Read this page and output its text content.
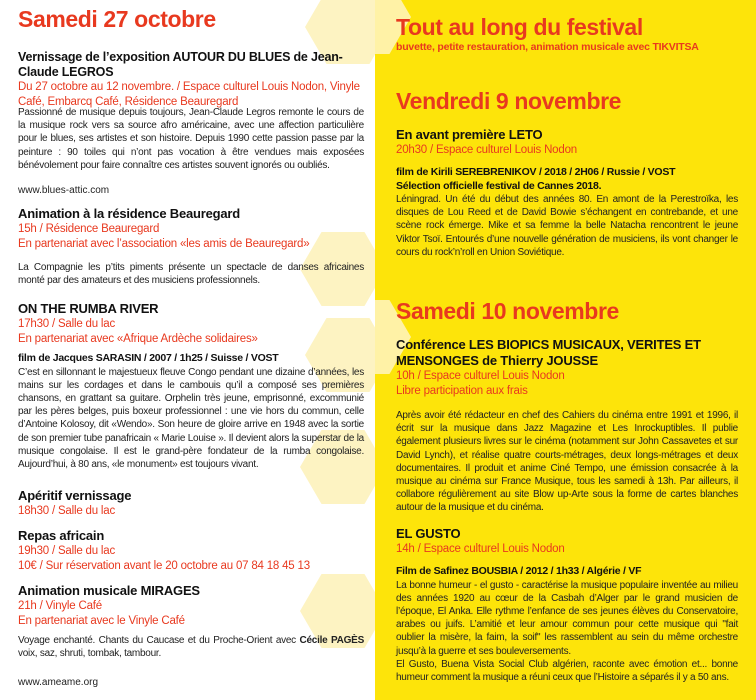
Samedi 27 octobre
Vernissage de l’exposition AUTOUR DU BLUES de Jean-Claude LEGROS
Du 27 octobre au 12 novembre. / Espace culturel Louis Nodon, Vinyle Café, Embarcq Café, Résidence Beauregard

Passionné de musique depuis toujours, Jean-Claude Legros remonte le cours de la musique rock vers sa source afro américaine, avec une affection particulière pour le blues, ses artistes et son histoire. Depuis 1990 cette passion passe par la peinture : 90 toiles qui n’ont pas vocation à être vendues mais exposées bénévolement pour faire connaître ces artistes souvent ignorés ou oubliés.

www.blues-attic.com
Animation à la résidence Beauregard
15h / Résidence Beauregard
En partenariat avec l’association «les amis de Beauregard»

La Compagnie les p’tits piments présente un spectacle de danses africaines monté par des amateurs et des musiciens professionnels.

ON THE RUMBA RIVER
17h30 / Salle du lac
En partenariat avec «Afrique Ardèche solidaires»
film de Jacques SARASIN / 2007 / 1h25 / Suisse / VOST

C’est en sillonnant le majestueux fleuve Congo pendant une dizaine d’années, les mains sur les cordages et dans le cambouis qu’il a composé ses premières chansons, en grattant sa guitare. Orphelin très jeune, emprisonné, excommunié par les pères belges, puis boxeur professionnel : une vie hors du commun, celle d’Antoine Kolosoy, dit «Wendo». Son heure de gloire arrive en 1948 avec la sortie de son premier tube panafricain « Marie Louise ». Il devient alors la superstar de la musique congolaise. Il est le grand-père fondateur de la rumba congolaise. Aujourd’hui, à 80 ans, «le monument» est toujours vivant.

Apéritif vernissage
18h30 / Salle du lac
Repas africain
19h30 / Salle du lac
10€ / Sur réservation avant le 20 octobre au 07 84 18 45 13
Animation musicale MIRAGES
21h / Vinyle Café
En partenariat avec le Vinyle Café

Voyage enchanté. Chants du Caucase et du Proche-Orient avec Cécile PAGÈS voix, saz, shruti, tombak, tambour.

www.ameame.org
Tout au long du festival
buvette, petite restauration, animation musicale avec TIKVITSA
Vendredi 9 novembre
En avant première LETO
20h30 / Espace culturel Louis Nodon
film de Kirili SEREBRENIKOV / 2018 / 2H06 / Russie / VOST
Sélection officielle festival de Cannes 2018.

Léningrad. Un été du début des années 80. En amont de la Perestroïka, les disques de Lou Reed et de David Bowie s’échangent en contrebande, et une scène rock émerge. Mike et sa femme la belle Natacha rencontrent le jeune Viktor Tsoï. Entourés d’une nouvelle génération de musiciens, ils vont changer le cours du rock’n’roll en Union Soviétique.

Samedi 10 novembre
Conférence LES BIOPICS MUSICAUX, VERITES ET MENSONGES de Thierry JOUSSE
10h / Espace culturel Louis Nodon
Libre participation aux frais

Après avoir été rédacteur en chef des Cahiers du cinéma entre 1991 et 1996, il écrit sur la musique dans Jazz Magazine et Les Inrockuptibles. Il publie également plusieurs livres sur le cinéma (notamment sur John Cassavetes et sur David Lynch), et réalise quatre courts-métrages, deux longs-métrages et deux documentaires. Il produit et anime Ciné Tempo, une émission consacrée à la musique au cinéma sur France Musique, tous les samedi à 13h. Par ailleurs, il collabore régulièrement au site Blow up-Arte sous la forme de cartes blanches autour de la musique et du cinéma.

EL GUSTO
14h / Espace culturel Louis Nodon
Film de Safinez BOUSBIA / 2012 / 1h33 / Algérie / VF

La bonne humeur - el gusto - caractérise la musique populaire inventée au milieu des années 1920 au cœur de la Casbah d’Alger par le grand musicien de l’époque, El Anka. Elle rythme l’enfance de ses jeunes élèves du Conservatoire, arabes ou juifs. L’amitié et leur amour commun pour cette musique qui "fait oublier la misère, la faim, la soif" les rassemblent au sein du même orchestre jusqu’à la guerre et ses bouleversements.

El Gusto, Buena Vista Social Club algérien, raconte avec émotion et... bonne humeur comment la musique a réuni ceux que l’Histoire a séparés il y a 50 ans.
